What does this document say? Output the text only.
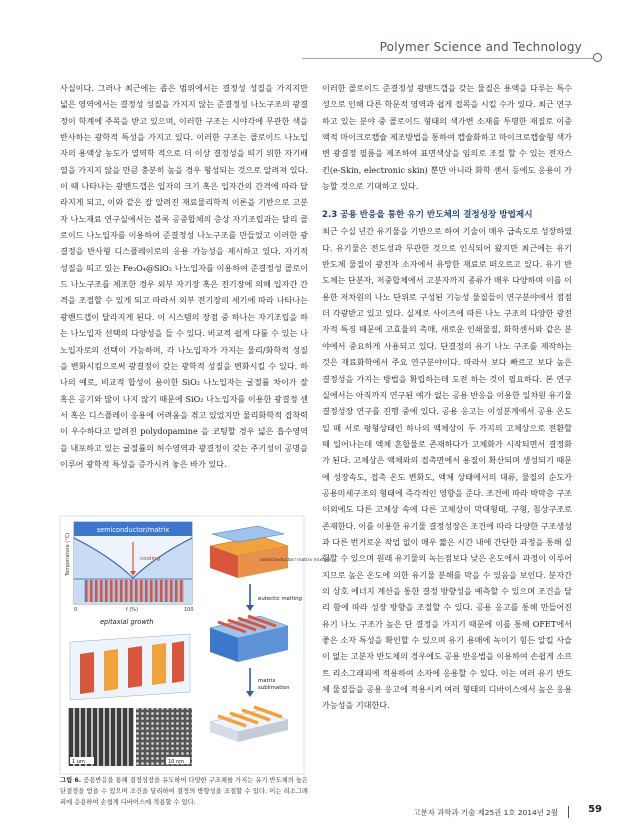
Polymer Science and Technology

사실이다. 그러나 최근에는 좁은 범위에서는 결정성 성질을 가지지만 넓은 영역에서는 결정성 성질을 가지지 않는 준결정성 나노구조의 광결정이 학계에 주목을 받고 있으며, 이러한 구조는 시야각에 무관한 색을 반사하는 광학적 특성을 가지고 있다. 이러한 구조는 콜로이드 나노입자의 용액상 농도가 열역학 적으로 더 이상 결정성을 띄기 위한 자기배열을 가지지 않을 만큼 충분히 높을 경우 형성되는 것으로 알려져 있다. 이 때 나타나는 광밴드갭은 입자의 크기 혹은 입자간의 간격에 따라 달라지게 되고, 이와 같은 잘 알려진 재료물리학적 이론을 기반으로 고분자 나노재료 연구실에서는 블록 공중합체의 층상 자기조립과는 달리 콜로이드 나노입자를 이용하여 준결정성 나노구조를 만들었고 이러한 광결정을 반사형 디스플레이로의 응용 가능성을 제시하고 있다. 자기적 성질을 띄고 있는 Fe₃O₄@SiO₂ 나노입자를 이용하여 준결정성 콜로이드 나노구조를 제조한 경우 외부 자기장 혹은 전기장에 의해 입자간 간격을 조절할 수 있게 되고 따라서 외부 전기장의 세기에 따라 나타나는 광밴드갭이 달라지게 된다. 이 시스템의 장점 중 하나는 자기조립을 하는 나노입자 선택의 다양성을 들 수 있다. 비교적 쉽게 다룰 수 있는 나노입자로의 선택이 가능하며, 각 나노입자가 가지는 물리/화학적 성질을 변화시킴으로써 광결정이 갖는 광학적 성질을 변화시킬 수 있다. 하나의 예로, 비교적 합성이 용이한 SiO₂ 나노입자는 굴절률 차이가 잘 혹은 공기와 많이 나지 않기 때문에 SiO₂ 나노입자를 이용한 광결정 센서 혹은 디스플레이 응용에 어려움을 겪고 있었지만 물리화학적 접착력이 우수하다고 알려진 polydopamine 을 코팅할 경우 넓은 흡수영역을 내포하고 있는 굴절률의 허수영역과 광결정이 갖는 주기성이 공명을 이루어 광학적 특성을 증가시켜 놓은 바가 있다.

이러한 콜로이드 준결정성 광밴드갭을 갖는 물질은 용액을 다루는 특수성으로 인해 다른 학문적 영역과 쉽게 접목을 시킬 수가 있다. 최근 연구하고 있는 분야 중 콜로이드 형태의 색가변 소재를 투명한 재질로 이중액적 마이크로캡슐 제조방법을 통하여 캡슐화하고 마이크로캡슐형 색가변 광결정 필름을 제조하여 표면색상을 임의로 조절 할 수 있는 전자스킨(e-Skin, electronic skin) 뿐만 아니라 화학 센서 등에도 응용이 가능할 것으로 기대하고 있다.

2.3 공용 반응을 통한 유기 반도체의 결정성장 방법제시

최근 수십 년간 유기물을 기반으로 하여 기술이 매우 급속도로 성장하였다. 유기물은 전도성과 무관한 것으로 인식되어 왔지만 최근에는 유기 반도체 물질이 광전자 소자에서 유망한 재료로 떠오르고 있다. 유기 반도체는 단분자, 저중합체에서 고분자까지 종류가 매우 다양하며 이를 이용한 저차원의 나노 단위로 구성된 기능성 물질들이 연구분야에서 점점 더 각광받고 있고 있다. 실제로 사이즈에 따른 나노 구조의 다양한 광전자적 특징 때문에 고효율의 촉매, 새로운 인쇄물질, 화학센서와 같은 분야에서 중요하게 사용되고 있다. 단결정의 유기 나노 구조를 제작하는 것은 재료화학에서 주요 연구분야이다. 따라서 보다 빠르고 보다 높은 결정성을 가지는 방법을 확립하는데 도전 하는 것이 필요하다. 본 연구실에서는 아직까지 연구된 예가 없는 공용 반응을 이용한 일차원 유기물 결정성장 연구를 진행 중에 있다. 공용 응고는 이성분계에서 공용 온도 일 때 서로 평형상태인 하나의 액체상이 두 가지의 고체상으로 전환할 때 일어나는데 액체 혼합물로 존재하다가 고체화가 시작되면서 결정화가 된다. 고체상은 액체와의 접촉면에서 용질이 확산되며 생성되기 때문에 성장속도, 접촉 온도 변화도, 액체 상태에서의 대류, 물질의 순도가 공용미세구조의 형태에 즉각적인 영향을 준다. 조건에 따라 박막층 구조 이외에도 다른 고체상 속에 다른 고체상이 막대형태, 구형, 침상구조로 존재한다. 이를 이용한 유기물 결정성장은 조건에 따라 다양한 구조생성과 다른 번거로운 작업 없이 매우 짧은 시간 내에 간단한 과정을 통해 실험할 수 있으며 원래 유기물의 녹는점보다 낮은 온도에서 과정이 이루어지므로 높은 온도에 의한 유기물 분해를 막을 수 있음을 보인다. 분자간의 상호 에너지 계산을 통한 결정 방향성을 예측할 수 있으며 조건을 달리 함에 따라 성장 방향을 조절할 수 있다. 공용 응고를 통해 만들어진 유기 나노 구조가 높은 단 결정을 가지기 때문에 이를 통해 OFET에서 좋은 소자 특성을 확인할 수 있으며 유기 용매에 녹이기 힘든 알킬 사슬이 없는 고분자 반도체의 경우에도 공용 반응법을 이용하여 손쉽게 소프트 리소그래피에 적용하여 소자에 응용할 수 있다. 이는 여러 유기 반도체 물질들을 공용 응고에 적용시켜 여러 형태의 디바이스에서 높은 응용가능성을 기대한다.

semiconductor/matrix
cooling
Temperature (°C)
0	f (%)	100
epitaxial growth
1 um	10 nm
semiconductor/ matrix mixture
eutectic melting
matrix
sublimation
그림 6. 공용반응을 통해 결정성장을 유도하여 다양한 구조체를 가지는 유기 반도체의 높은 단결정을 얻을 수 있으며 조건을 달리하여 결정의 방향성을 조절할 수 있다. 이는 리소그래피에 응용하여 손쉽게 디바이스에 적용할 수 있다.
고분자 과학과 기술 제25권 1호 2014년 2월	59
